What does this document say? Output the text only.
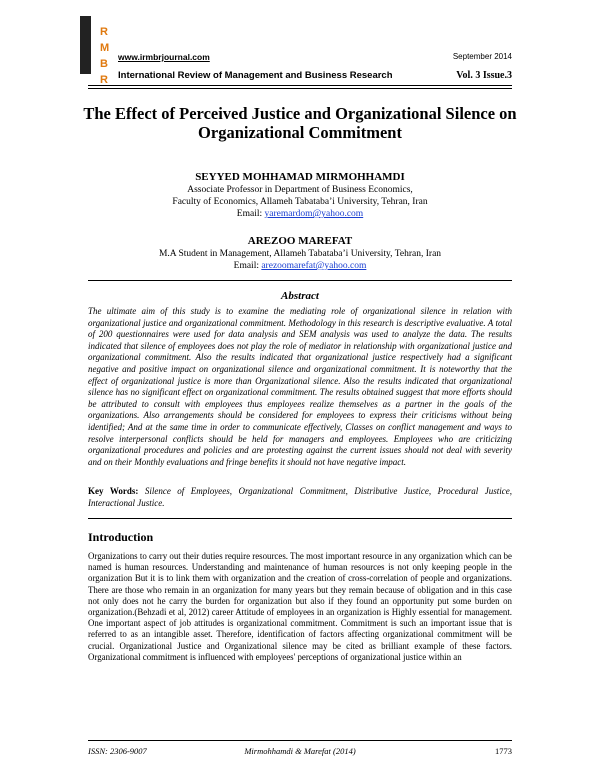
R
M
B
R
www.irmbrjournal.com	September 2014
International Review of Management and Business Research	Vol. 3 Issue.3
The Effect of Perceived Justice and Organizational Silence on Organizational Commitment
SEYYED MOHHAMAD MIRMOHHAMDI
Associate Professor in Department of Business Economics,
Faculty of Economics, Allameh Tabataba’i University, Tehran, Iran
Email: yaremardom@yahoo.com
AREZOO MAREFAT
M.A Student in Management, Allameh Tabataba’i University, Tehran, Iran
Email: arezoomarefat@yahoo.com
Abstract
The ultimate aim of this study is to examine the mediating role of organizational silence in relation with organizational justice and organizational commitment. Methodology in this research is descriptive evaluative. A total of 200 questionnaires were used for data analysis and SEM analysis was used to analyze the data. The results indicated that silence of employees does not play the role of mediator in relationship with organizational justice and organizational commitment. Also the results indicated that organizational justice respectively had a significant negative and positive impact on organizational silence and organizational commitment. It is noteworthy that the effect of organizational justice is more than Organizational silence. Also the results indicated that organizational silence has no significant effect on organizational commitment. The results obtained suggest that more efforts should be attributed to consult with employees thus employees realize themselves as a partner in the goals of the organizations. Also arrangements should be considered for employees to express their criticisms without being identified; And at the same time in order to communicate effectively, Classes on conflict management and ways to resolve interpersonal conflicts should be held for managers and employees. Employees who are criticizing organizational procedures and policies and are protesting against the current issues should not deal with severity and on their Monthly evaluations and fringe benefits it should not have negative impact.
Key Words: Silence of Employees, Organizational Commitment, Distributive Justice, Procedural Justice, Interactional Justice.
Introduction
Organizations to carry out their duties require resources. The most important resource in any organization which can be named is human resources. Understanding and maintenance of human resources is not only keeping people in the organization But it is to link them with organization and the creation of cross-correlation of people and organizations. There are those who remain in an organization for many years but they remain because of obligation and in this case not only does not he carry the burden for organization but also if they found an opportunity put some burden on organization.(Behzadi et al, 2012) career Attitude of employees in an organization is Highly essential for management. One important aspect of job attitudes is organizational commitment. Commitment is such an important issue that is referred to as an intangible asset. Therefore, identification of factors affecting organizational commitment will be crucial. Organizational Justice and Organizational silence may be cited as brilliant example of these factors. Organizational commitment is influenced with employees' perceptions of organizational justice within an
ISSN: 2306-9007	Mirmohhamdi & Marefat (2014)	1773
